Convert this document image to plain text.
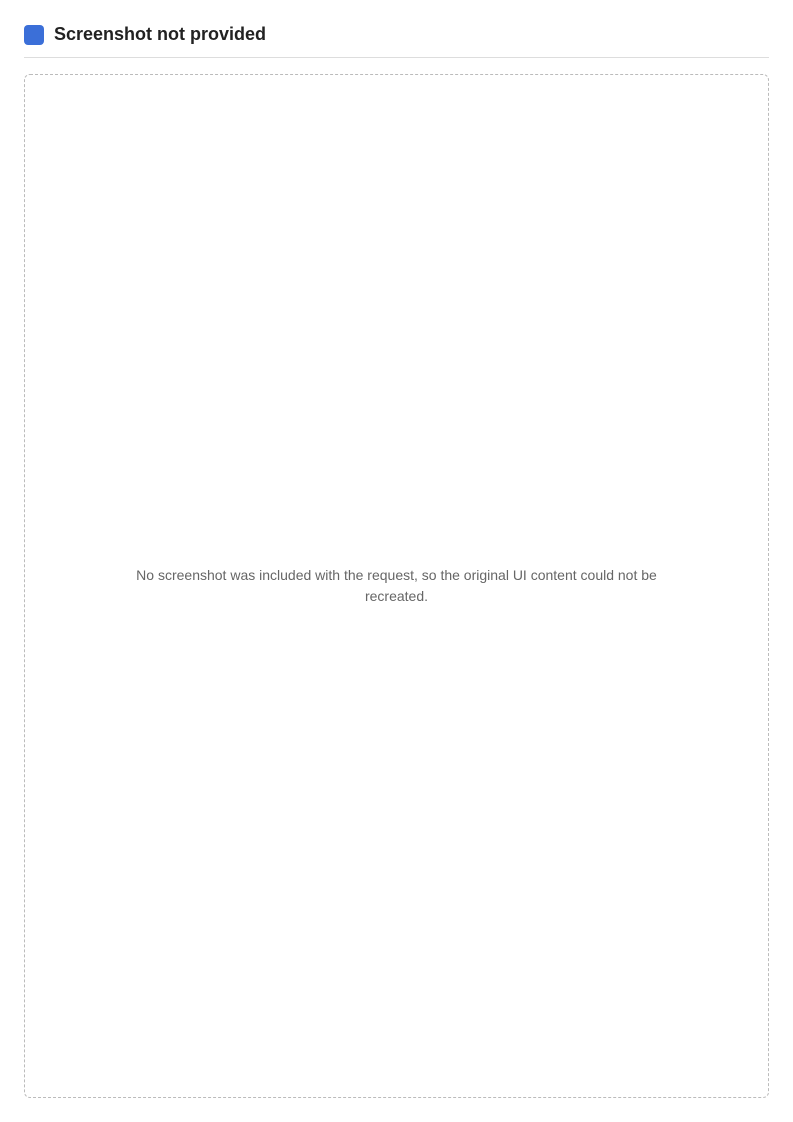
Screenshot not provided

No screenshot was included with the request, so the original UI content could not be recreated.
